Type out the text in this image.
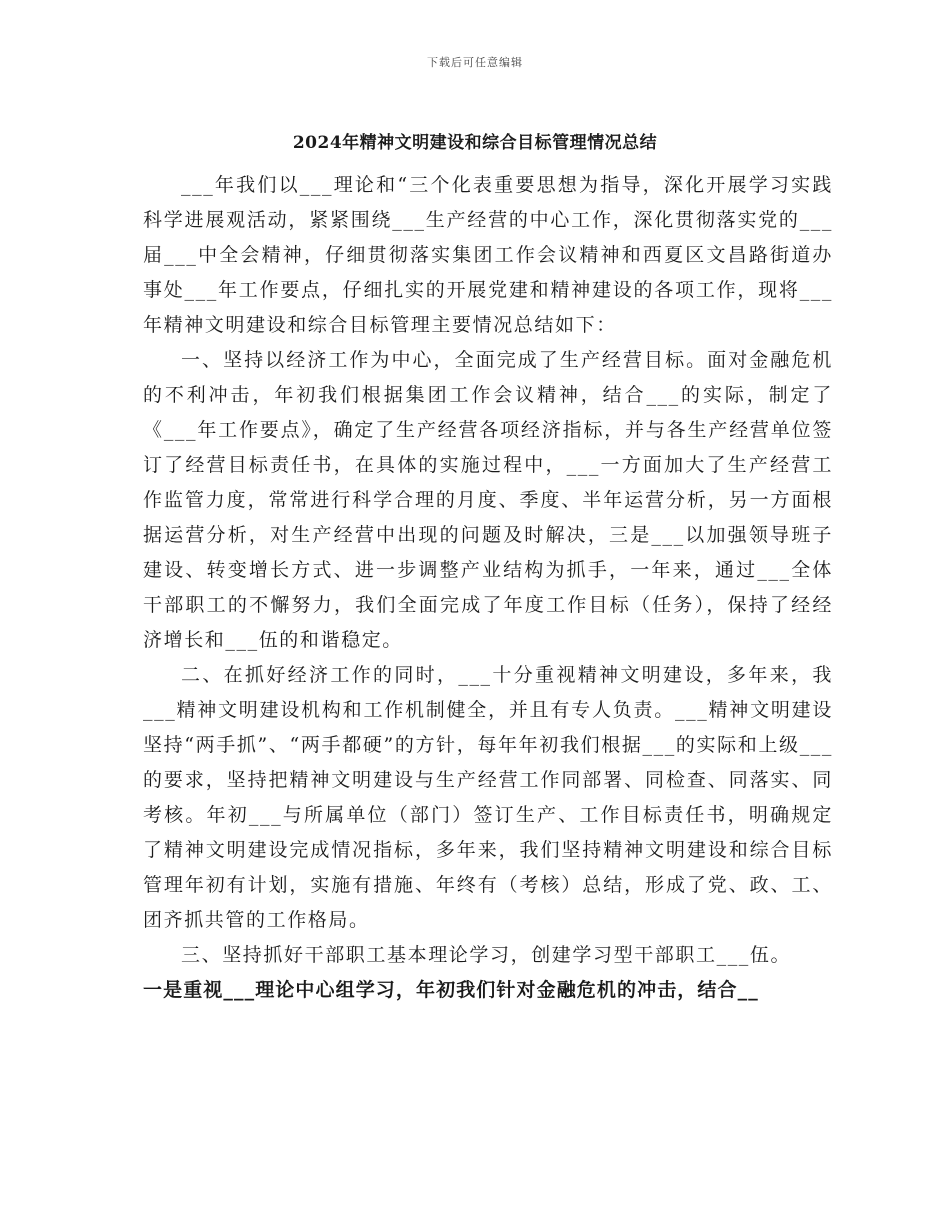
下载后可任意编辑
2024年精神文明建设和综合目标管理情况总结

___年我们以___理论和“三个化表重要思想为指导，深化开展学习实践科学进展观活动，紧紧围绕___生产经营的中心工作，深化贯彻落实党的___届___中全会精神，仔细贯彻落实集团工作会议精神和西夏区文昌路街道办事处___年工作要点，仔细扎实的开展党建和精神建设的各项工作，现将___年精神文明建设和综合目标管理主要情况总结如下：

一、坚持以经济工作为中心，全面完成了生产经营目标。面对金融危机的不利冲击，年初我们根据集团工作会议精神，结合___的实际，制定了《___年工作要点》，确定了生产经营各项经济指标，并与各生产经营单位签订了经营目标责任书，在具体的实施过程中，___一方面加大了生产经营工作监管力度，常常进行科学合理的月度、季度、半年运营分析，另一方面根据运营分析，对生产经营中出现的问题及时解决，三是___以加强领导班子建设、转变增长方式、进一步调整产业结构为抓手，一年来，通过___全体干部职工的不懈努力，我们全面完成了年度工作目标（任务），保持了经经济增长和___伍的和谐稳定。

二、在抓好经济工作的同时，___十分重视精神文明建设，多年来，我___精神文明建设机构和工作机制健全，并且有专人负责。___精神文明建设坚持“两手抓”、“两手都硬”的方针，每年年初我们根据___的实际和上级___的要求，坚持把精神文明建设与生产经营工作同部署、同检查、同落实、同考核。年初___与所属单位（部门）签订生产、工作目标责任书，明确规定了精神文明建设完成情况指标，多年来，我们坚持精神文明建设和综合目标管理年初有计划，实施有措施、年终有（考核）总结，形成了党、政、工、团齐抓共管的工作格局。

三、坚持抓好干部职工基本理论学习，创建学习型干部职工___伍。

一是重视___理论中心组学习，年初我们针对金融危机的冲击，结合__
